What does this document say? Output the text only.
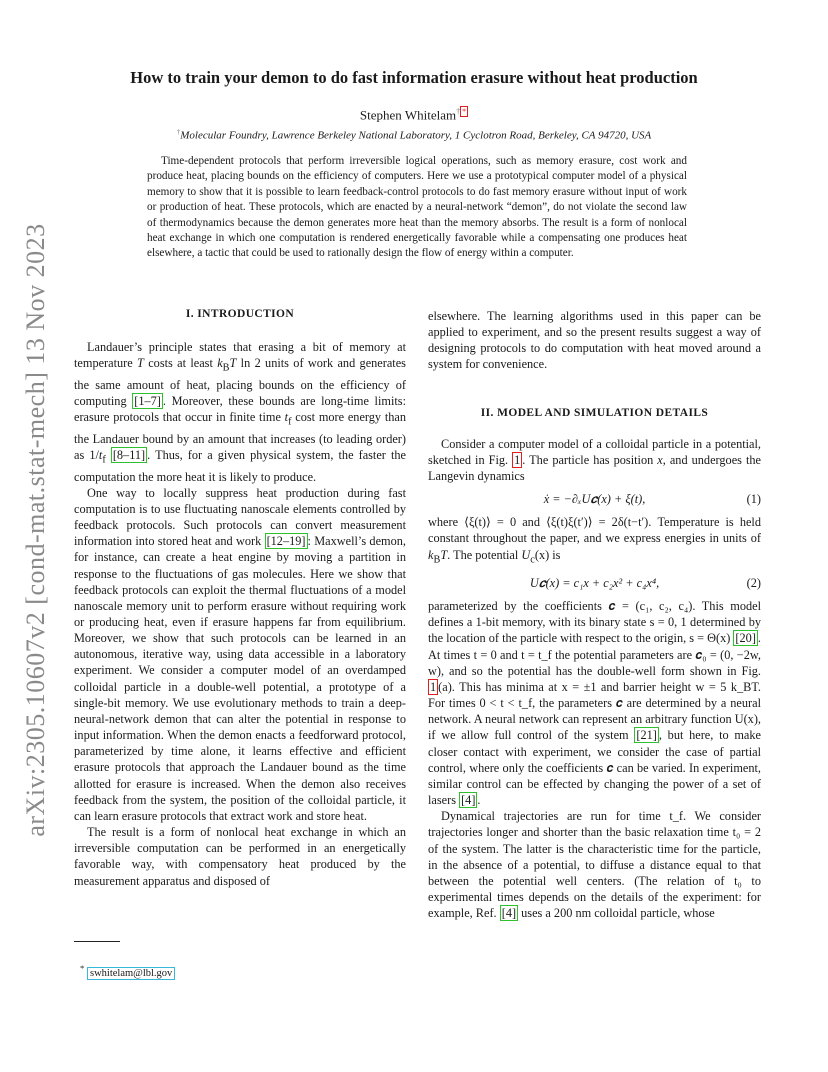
arXiv:2305.10607v2 [cond-mat.stat-mech] 13 Nov 2023
How to train your demon to do fast information erasure without heat production
Stephen Whitelam† *
†Molecular Foundry, Lawrence Berkeley National Laboratory, 1 Cyclotron Road, Berkeley, CA 94720, USA

Time-dependent protocols that perform irreversible logical operations, such as memory erasure, cost work and produce heat, placing bounds on the efficiency of computers. Here we use a prototypical computer model of a physical memory to show that it is possible to learn feedback-control protocols to do fast memory erasure without input of work or production of heat. These protocols, which are enacted by a neural-network “demon”, do not violate the second law of thermodynamics because the demon generates more heat than the memory absorbs. The result is a form of nonlocal heat exchange in which one computation is rendered energetically favorable while a compensating one produces heat elsewhere, a tactic that could be used to rationally design the flow of energy within a computer.

I. INTRODUCTION

Landauer’s principle states that erasing a bit of memory at temperature T costs at least $k_BT$ ln 2 units of work and generates the same amount of heat, placing bounds on the efficiency of computing [1–7] . Moreover, these bounds are long-time limits: erasure protocols that occur in finite time $t_f$ cost more energy than the Landauer bound by an amount that increases (to leading order) as $1/t_f$ [8–11] . Thus, for a given physical system, the faster the computation the more heat it is likely to produce.

One way to locally suppress heat production during fast computation is to use fluctuating nanoscale elements controlled by feedback protocols. Such protocols can convert measurement information into stored heat and work [12–19] : Maxwell’s demon, for instance, can create a heat engine by moving a partition in response to the fluctuations of gas molecules. Here we show that feedback protocols can exploit the thermal fluctuations of a model nanoscale memory unit to perform erasure without requiring work or producing heat, even if erasure happens far from equilibrium. Moreover, we show that such protocols can be learned in an autonomous, iterative way, using data accessible in a laboratory experiment. We consider a computer model of an overdamped colloidal particle in a double-well potential, a prototype of a single-bit memory. We use evolutionary methods to train a deep-neural-network demon that can alter the potential in response to input information. When the demon enacts a feedforward protocol, parameterized by time alone, it learns effective and efficient erasure protocols that approach the Landauer bound as the time allotted for erasure is increased. When the demon also receives feedback from the system, the position of the colloidal particle, it can learn erasure protocols that extract work and store heat.

The result is a form of nonlocal heat exchange in which an irreversible computation can be performed in an energetically favorable way, with compensatory heat produced by the measurement apparatus and disposed of

elsewhere. The learning algorithms used in this paper can be applied to experiment, and so the present results suggest a way of designing protocols to do computation with heat moved around a system for convenience.

II. MODEL AND SIMULATION DETAILS

Consider a computer model of a colloidal particle in a potential, sketched in Fig. 1 . The particle has position x, and undergoes the Langevin dynamics

ẋ = −∂ₓU𝒄(x) + ξ(t),	(1)

where ⟨ξ(t)⟩ = 0 and ⟨ξ(t)ξ(t′)⟩ = 2δ(t−t′). Temperature is held constant throughout the paper, and we express energies in units of $k_BT$. The potential $U_c(x)$ is

U𝒄(x) = c₁x + c₂x² + c₄x⁴,	(2)

parameterized by the coefficients 𝒄 = (c₁, c₂, c₄). This model defines a 1-bit memory, with its binary state s = 0, 1 determined by the location of the particle with respect to the origin, s = Θ(x) [20] . At times t = 0 and t = t_f the potential parameters are 𝒄₀ = (0, −2w, w), and so the potential has the double-well form shown in Fig. 1 (a). This has minima at x = ±1 and barrier height w = 5 k_BT. For times 0 < t < t_f, the parameters 𝒄 are determined by a neural network. A neural network can represent an arbitrary function U(x), if we allow full control of the system [21] , but here, to make closer contact with experiment, we consider the case of partial control, where only the coefficients 𝒄 can be varied. In experiment, similar control can be effected by changing the power of a set of lasers [4] .

Dynamical trajectories are run for time t_f. We consider trajectories longer and shorter than the basic relaxation time t₀ = 2 of the system. The latter is the characteristic time for the particle, in the absence of a potential, to diffuse a distance equal to that between the potential well centers. (The relation of t₀ to experimental times depends on the details of the experiment: for example, Ref. [4] uses a 200 nm colloidal particle, whose

* swhitelam@lbl.gov
